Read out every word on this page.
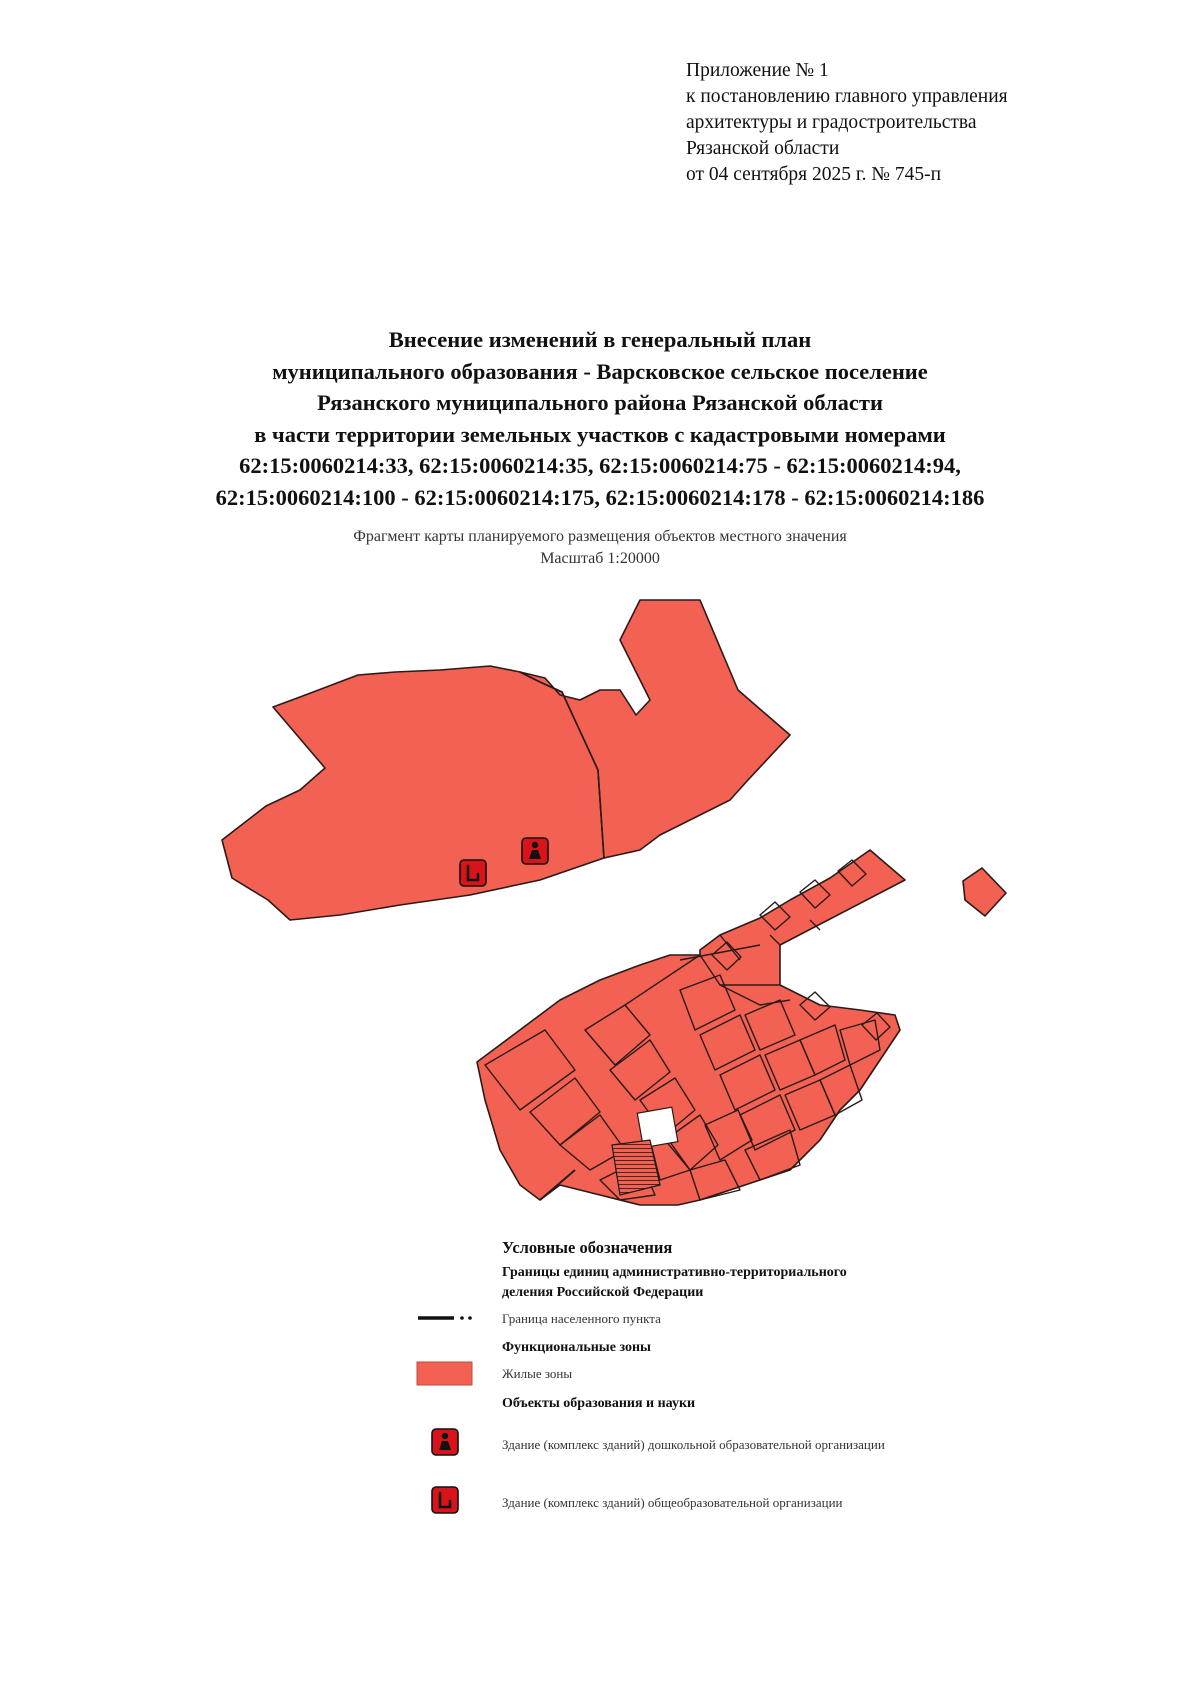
Приложение № 1
к постановлению главного управления
архитектуры и градостроительства
Рязанской области
от 04 сентября 2025 г. № 745-п
Внесение изменений в генеральный план
муниципального образования - Варсковское сельское поселение
Рязанского муниципального района Рязанской области
в части территории земельных участков с кадастровыми номерами
62:15:0060214:33, 62:15:0060214:35, 62:15:0060214:75 - 62:15:0060214:94,
62:15:0060214:100 - 62:15:0060214:175, 62:15:0060214:178 - 62:15:0060214:186
Фрагмент карты планируемого размещения объектов местного значения
Масштаб 1:20000
Условные обозначения
Границы единиц административно-территориального
деления Российской Федерации
Граница населенного пункта
Функциональные зоны
Жилые зоны
Объекты образования и науки
Здание (комплекс зданий) дошкольной образовательной организации
Здание (комплекс зданий) общеобразовательной организации
